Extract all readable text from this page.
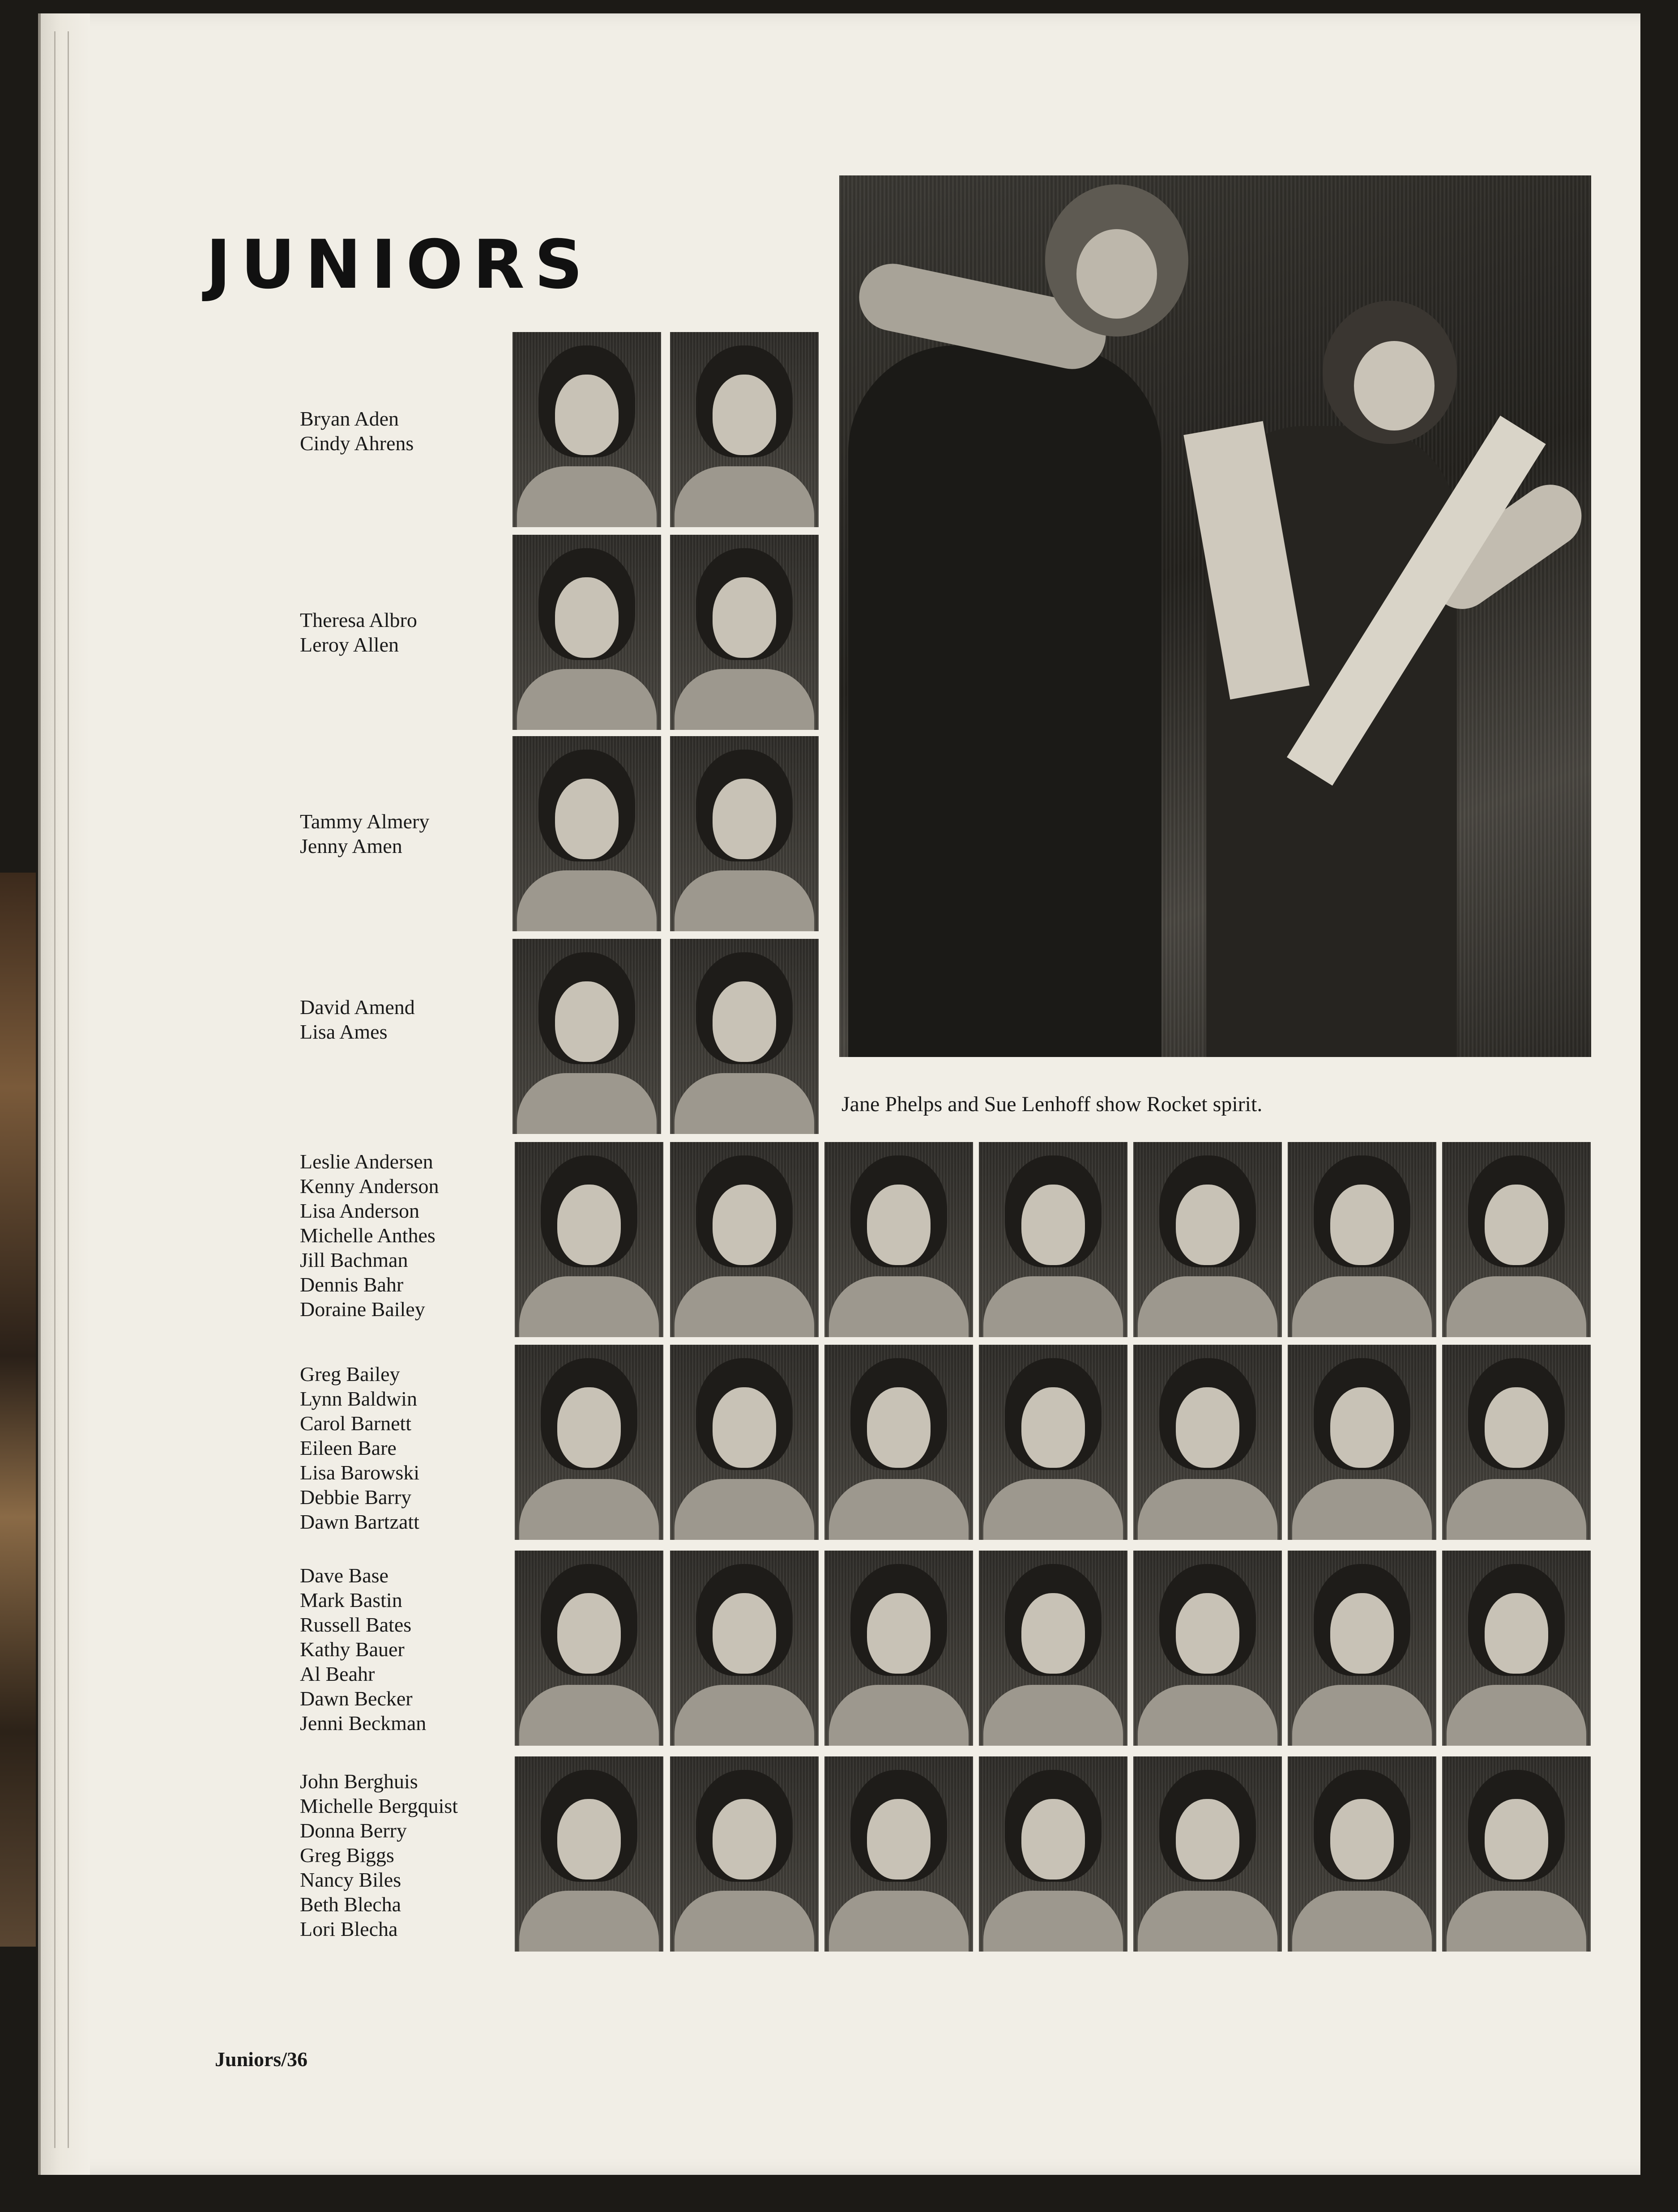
JUNIORS
Bryan Aden
Cindy Ahrens
Theresa Albro
Leroy Allen
Tammy Almery
Jenny Amen
David Amend
Lisa Ames
Leslie Andersen
Kenny Anderson
Lisa Anderson
Michelle Anthes
Jill Bachman
Dennis Bahr
Doraine Bailey
Greg Bailey
Lynn Baldwin
Carol Barnett
Eileen Bare
Lisa Barowski
Debbie Barry
Dawn Bartzatt
Dave Base
Mark Bastin
Russell Bates
Kathy Bauer
Al Beahr
Dawn Becker
Jenni Beckman
John Berghuis
Michelle Bergquist
Donna Berry
Greg Biggs
Nancy Biles
Beth Blecha
Lori Blecha

Jane Phelps and Sue Lenhoff show Rocket spirit.

Juniors/36
